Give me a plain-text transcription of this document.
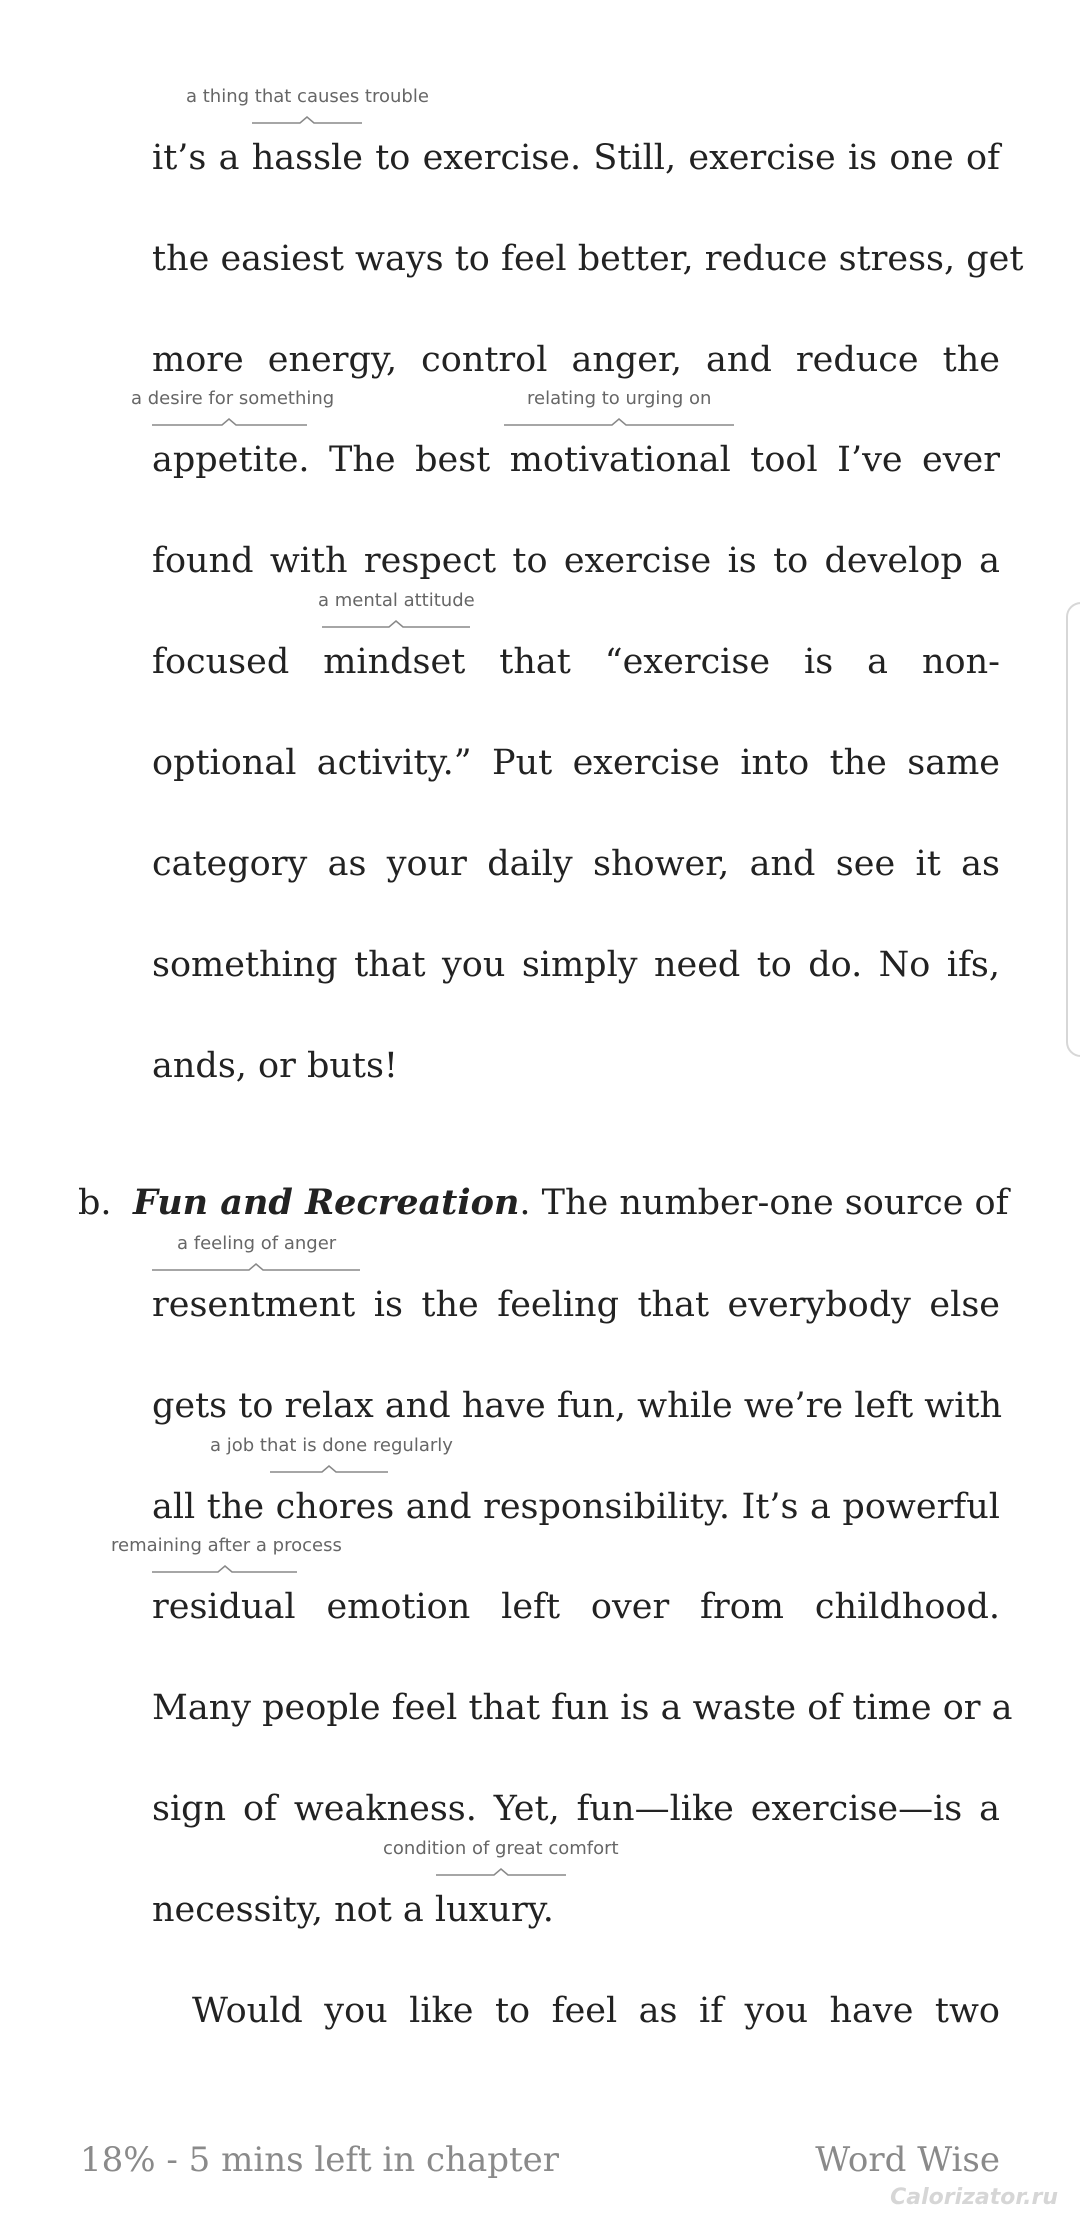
a thing that causes trouble
it’s a hassle to exercise. Still, exercise is one of
the easiest ways to feel better, reduce stress, get
more energy, control anger, and reduce the
a desire for something	relating to urging on
appetite. The best motivational tool I’ve ever
found with respect to exercise is to develop a
a mental attitude
focused mindset that “exercise is a non-
optional activity.” Put exercise into the same
category as your daily shower, and see it as
something that you simply need to do. No ifs,
ands, or buts!
b. Fun and Recreation. The number-one source of
a feeling of anger
resentment is the feeling that everybody else
gets to relax and have fun, while we’re left with
a job that is done regularly
all the chores and responsibility. It’s a powerful
remaining after a process
residual emotion left over from childhood.
Many people feel that fun is a waste of time or a
sign of weakness. Yet, fun—like exercise—is a
condition of great comfort
necessity, not a luxury.
Would you like to feel as if you have two
18% - 5 mins left in chapter	Word Wise
Calorizator.ru
